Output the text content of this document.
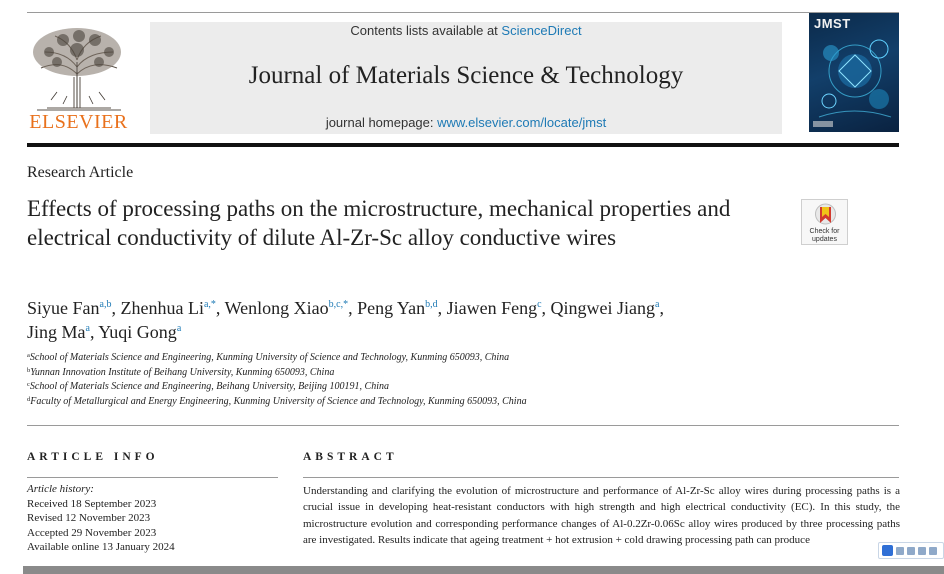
ELSEVIER
Contents lists available at ScienceDirect
Journal of Materials Science & Technology
journal homepage: www.elsevier.com/locate/jmst
JMST
Research Article
Effects of processing paths on the microstructure, mechanical properties and electrical conductivity of dilute Al-Zr-Sc alloy conductive wires	Check for updates
Siyue Fan$^{a,b}$, Zhenhua $Li^{a,*}$, Wenlong Xiao$^{b,c,*}$, Peng Yan$^{b,d}$, Jiawen Feng$^c$, Qingwei Jiang$^a$,
Jing Ma$^a$, Yuqi Gong$^a$
$^a$School of Materials Science and Engineering, Kunming University of Science and Technology, Kunming 650093, China
$^b$Yunnan Innovation Institute of Beihang University, Kunming 650093, China
$^c$School of Materials Science and Engineering, Beihang University, Beijing 100191, China
$^d$Faculty of Metallurgical and Energy Engineering, Kunming University of Science and Technology, Kunming 650093, China
ARTICLE INFO	ABSTRACT
Article history:
Received 18 September 2023
Revised 12 November 2023
Accepted 29 November 2023
Available online 13 January 2024
Understanding and clarifying the evolution of microstructure and performance of Al-Zr-Sc alloy wires during processing paths is a crucial issue in developing heat-resistant conductors with high strength and high electrical conductivity (EC). In this study, the microstructure evolution and corresponding performance changes of Al-0.2Zr-0.06Sc alloy wires produced by three processing paths are investigated. Results indicate that ageing treatment + hot extrusion + cold drawing processing path can produce
